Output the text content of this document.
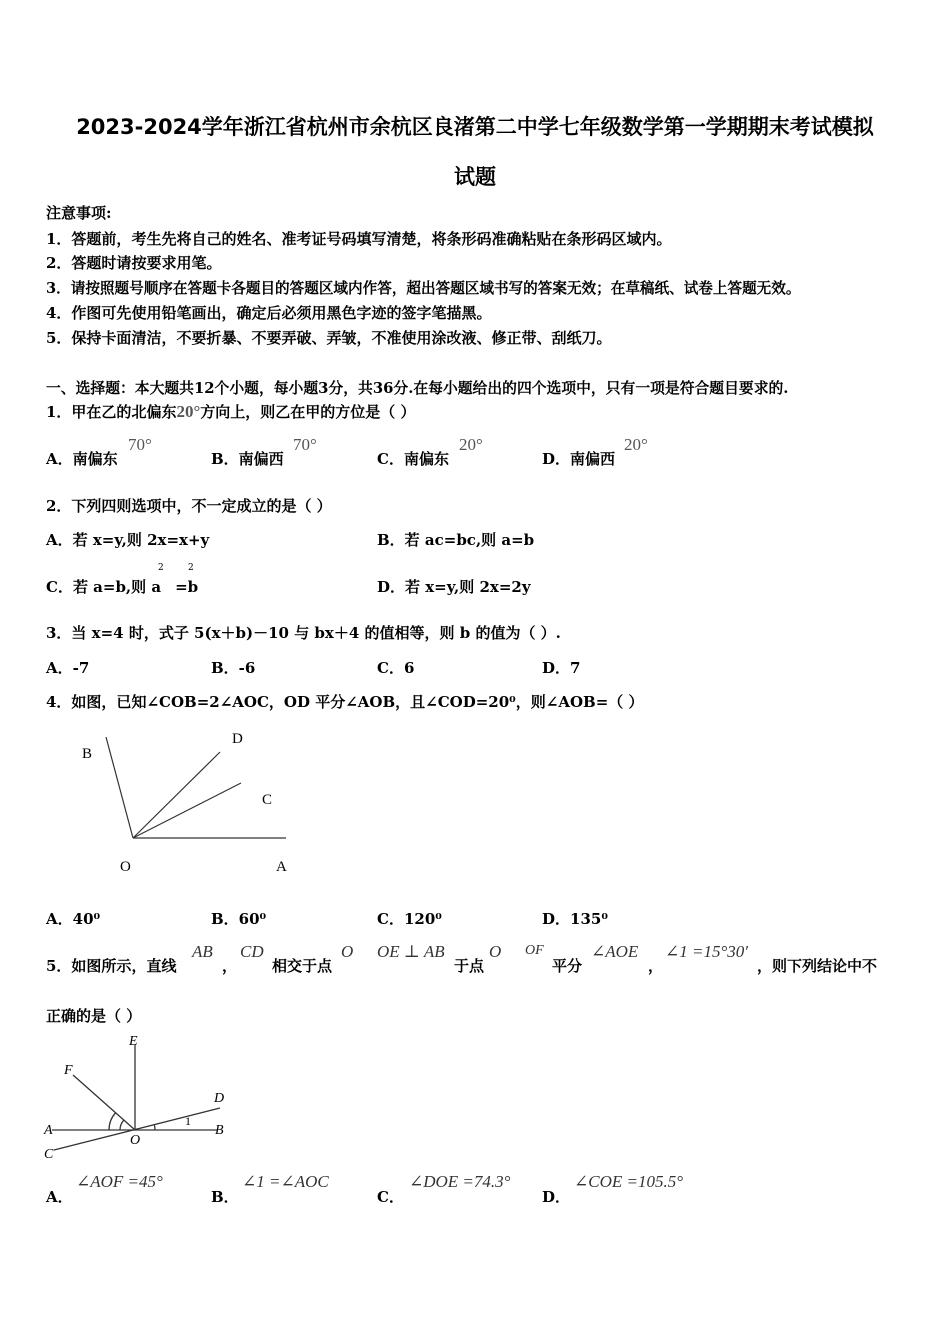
2023-2024学年浙江省杭州市余杭区良渚第二中学七年级数学第一学期期末考试模拟
试题
注意事项:
1．答题前，考生先将自己的姓名、准考证号码填写清楚，将条形码准确粘贴在条形码区域内。
2．答题时请按要求用笔。
3．请按照题号顺序在答题卡各题目的答题区域内作答，超出答题区域书写的答案无效；在草稿纸、试卷上答题无效。
4．作图可先使用铅笔画出，确定后必须用黑色字迹的签字笔描黑。
5．保持卡面清洁，不要折暴、不要弄破、弄皱，不准使用涂改液、修正带、刮纸刀。
一、选择题：本大题共12个小题，每小题3分，共36分.在每小题给出的四个选项中，只有一项是符合题目要求的.
1．甲在乙的北偏东20°方向上，则乙在甲的方位是（ ）
A．南偏东
70°
B．南偏西
70°
C．南偏东
20°
D．南偏西
20°
2．下列四则选项中，不一定成立的是（ ）
A．若 x=y,则 2x=x+y	B．若 ac=bc,则 a=b
C．若 a=b,则 a =b
2	2
D．若 x=y,则 2x=2y
3．当 x=4 时，式子 5(x＋b)－10 与 bx＋4 的值相等，则 b 的值为（ ）.
A．-7	B．-6	C．6	D．7
4．如图，已知∠COB=2∠AOC，OD 平分∠AOB，且∠COD=20⁰，则∠AOB=（ ）
B
D
C
O	A
A．40⁰	B．60⁰	C．120⁰	D．135⁰
5．如图所示，直线
AB
，
CD
相交于点
O OE ⊥ AB
于点
O OF
平分
∠AOE
，
∠1 =15°30′
，则下列结论中不
正确的是（ ）
E
F
D
A
O
B
C
1
A．
∠AOF =45°
B．
∠1 =∠AOC
C．
∠DOE =74.3°
D．
∠COE =105.5°
